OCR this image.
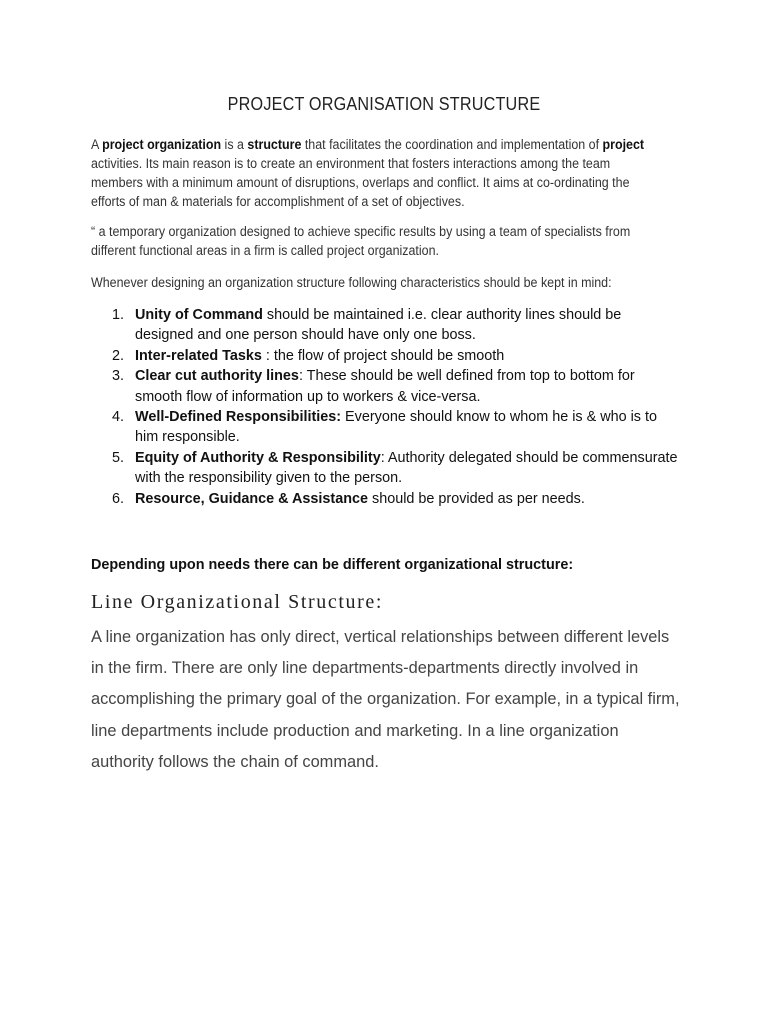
PROJECT ORGANISATION STRUCTURE
A project organization is a structure that facilitates the coordination and implementation of project activities. Its main reason is to create an environment that fosters interactions among the team members with a minimum amount of disruptions, overlaps and conflict. It aims at co-ordinating the efforts of man & materials for accomplishment of a set of objectives.
“ a temporary organization designed to achieve specific results by using a team of specialists from different functional areas in a firm is called project organization.
Whenever designing an organization structure following characteristics should be kept in mind:
1. Unity of Command should be maintained i.e. clear authority lines should be designed and one person should have only one boss.
2. Inter-related Tasks : the flow of project should be smooth
3. Clear cut authority lines: These should be well defined from top to bottom for smooth flow of information up to workers & vice-versa.
4. Well-Defined Responsibilities: Everyone should know to whom he is & who is to him responsible.
5. Equity of Authority & Responsibility: Authority delegated should be commensurate with the responsibility given to the person.
6. Resource, Guidance & Assistance should be provided as per needs.
Depending upon needs there can be different organizational structure:
Line Organizational Structure:
A line organization has only direct, vertical relationships between different levels in the firm. There are only line departments-departments directly involved in accomplishing the primary goal of the organization. For example, in a typical firm, line departments include production and marketing. In a line organization authority follows the chain of command.
